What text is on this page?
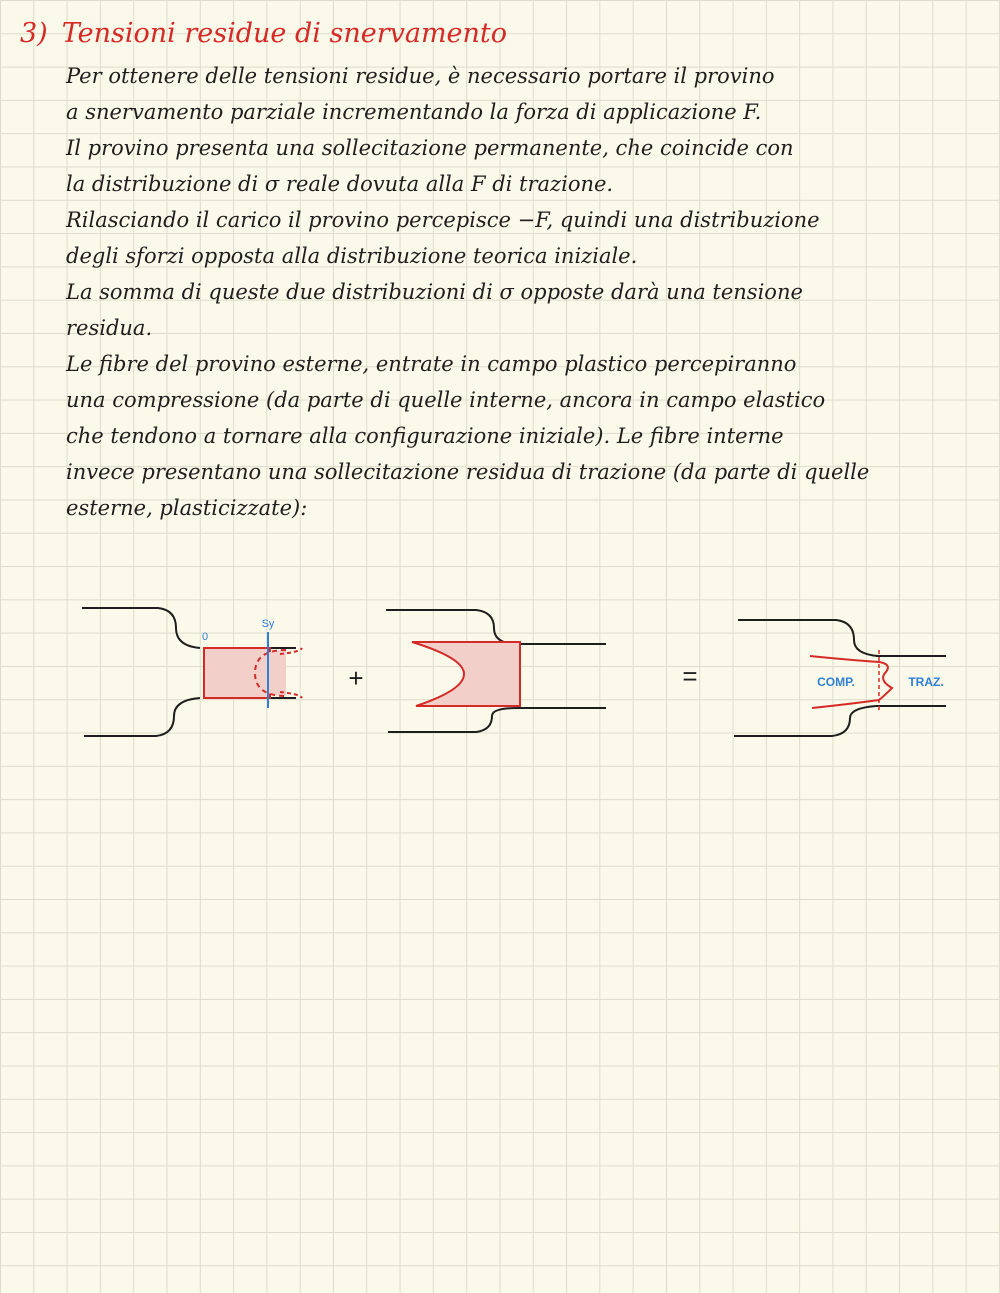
3) Tensioni residue di snervamento
Per ottenere delle tensioni residue, è necessario portare il provino
a snervamento parziale incrementando la forza di applicazione F.
Il provino presenta una sollecitazione permanente, che coincide con
la distribuzione di σ reale dovuta alla F di trazione.
Rilasciando il carico il provino percepisce −F, quindi una distribuzione
degli sforzi opposta alla distribuzione teorica iniziale.
La somma di queste due distribuzioni di σ opposte darà una tensione
residua.
Le fibre del provino esterne, entrate in campo plastico percepiranno
una compressione (da parte di quelle interne, ancora in campo elastico
che tendono a tornare alla configurazione iniziale). Le fibre interne
invece presentano una sollecitazione residua di trazione (da parte di quelle
esterne, plasticizzate):
0
Sy
+	=	COMP.	TRAZ.
